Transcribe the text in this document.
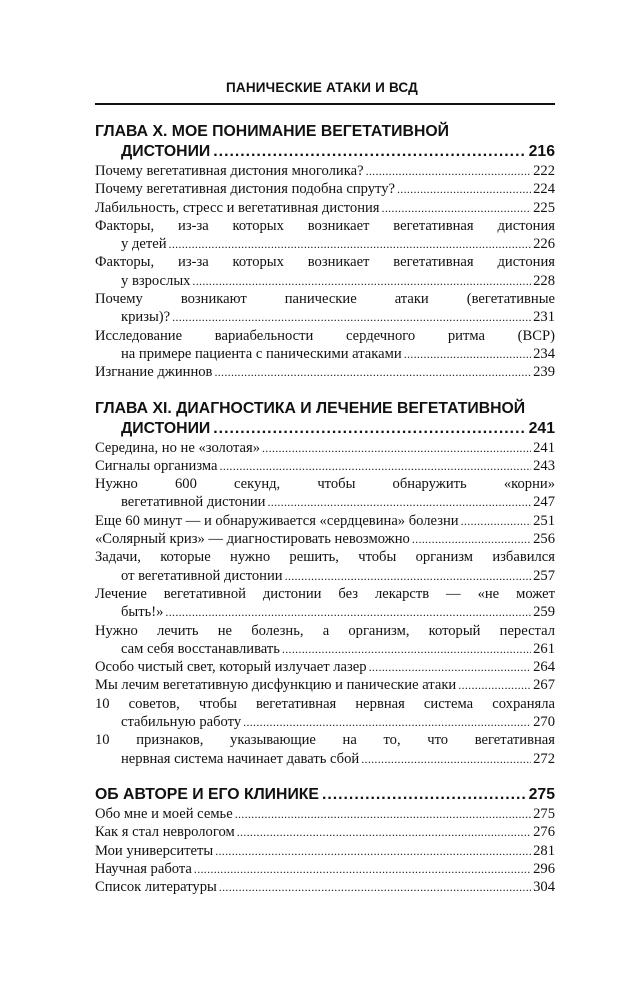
ПАНИЧЕСКИЕ АТАКИ И ВСД
ГЛАВА X. МОЕ ПОНИМАНИЕ ВЕГЕТАТИВНОЙ
ДИСТОНИИ .....	216
Почему вегетативная дистония многолика? .....	222
Почему вегетативная дистония подобна спруту? .....	224
Лабильность, стресс и вегетативная дистония .....	225
Факторы, из-за которых возникает вегетативная дистония
у детей .....	226
Факторы, из-за которых возникает вегетативная дистония
у взрослых .....	228
Почему возникают панические атаки (вегетативные
кризы)? .....	231
Исследование вариабельности сердечного ритма (ВСР)
на примере пациента с паническими атаками .....	234
Изгнание джиннов .....	239
ГЛАВА XI. ДИАГНОСТИКА И ЛЕЧЕНИЕ ВЕГЕТАТИВНОЙ
ДИСТОНИИ .....	241
Середина, но не «золотая» .....	241
Сигналы организма .....	243
Нужно 600 секунд, чтобы обнаружить «корни»
вегетативной дистонии .....	247
Еще 60 минут — и обнаруживается «сердцевина» болезни .....	251
«Солярный криз» — диагностировать невозможно .....	256
Задачи, которые нужно решить, чтобы организм избавился
от вегетативной дистонии .....	257
Лечение вегетативной дистонии без лекарств — «не может
быть!» .....	259
Нужно лечить не болезнь, а организм, который перестал
сам себя восстанавливать .....	261
Особо чистый свет, который излучает лазер .....	264
Мы лечим вегетативную дисфункцию и панические атаки .....	267
10 советов, чтобы вегетативная нервная система сохраняла
стабильную работу .....	270
10 признаков, указывающие на то, что вегетативная
нервная система начинает давать сбой .....	272
ОБ АВТОРЕ И ЕГО КЛИНИКЕ .....	275
Обо мне и моей семье .....	275
Как я стал неврологом .....	276
Мои университеты .....	281
Научная работа .....	296
Список литературы .....	304
